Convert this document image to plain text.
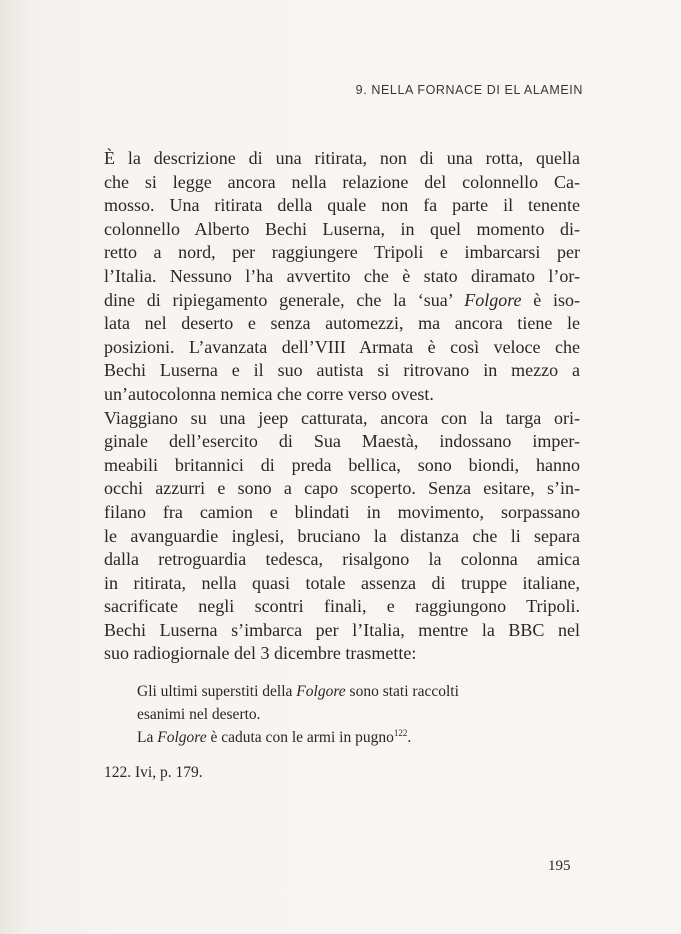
9. NELLA FORNACE DI EL ALAMEIN
È la descrizione di una ritirata, non di una rotta, quella
che si legge ancora nella relazione del colonnello Ca-
mosso. Una ritirata della quale non fa parte il tenente
colonnello Alberto Bechi Luserna, in quel momento di-
retto a nord, per raggiungere Tripoli e imbarcarsi per
l’Italia. Nessuno l’ha avvertito che è stato diramato l’or-
dine di ripiegamento generale, che la ‘sua’ Folgore è iso-
lata nel deserto e senza automezzi, ma ancora tiene le
posizioni. L’avanzata dell’VIII Armata è così veloce che
Bechi Luserna e il suo autista si ritrovano in mezzo a
un’autocolonna nemica che corre verso ovest.
Viaggiano su una jeep catturata, ancora con la targa ori-
ginale dell’esercito di Sua Maestà, indossano imper-
meabili britannici di preda bellica, sono biondi, hanno
occhi azzurri e sono a capo scoperto. Senza esitare, s’in-
filano fra camion e blindati in movimento, sorpassano
le avanguardie inglesi, bruciano la distanza che li separa
dalla retroguardia tedesca, risalgono la colonna amica
in ritirata, nella quasi totale assenza di truppe italiane,
sacrificate negli scontri finali, e raggiungono Tripoli.
Bechi Luserna s’imbarca per l’Italia, mentre la BBC nel
suo radiogiornale del 3 dicembre trasmette:
Gli ultimi superstiti della Folgore sono stati raccolti
esanimi nel deserto.
La Folgore è caduta con le armi in pugno$^{122}$.
122. Ivi, p. 179.
195
